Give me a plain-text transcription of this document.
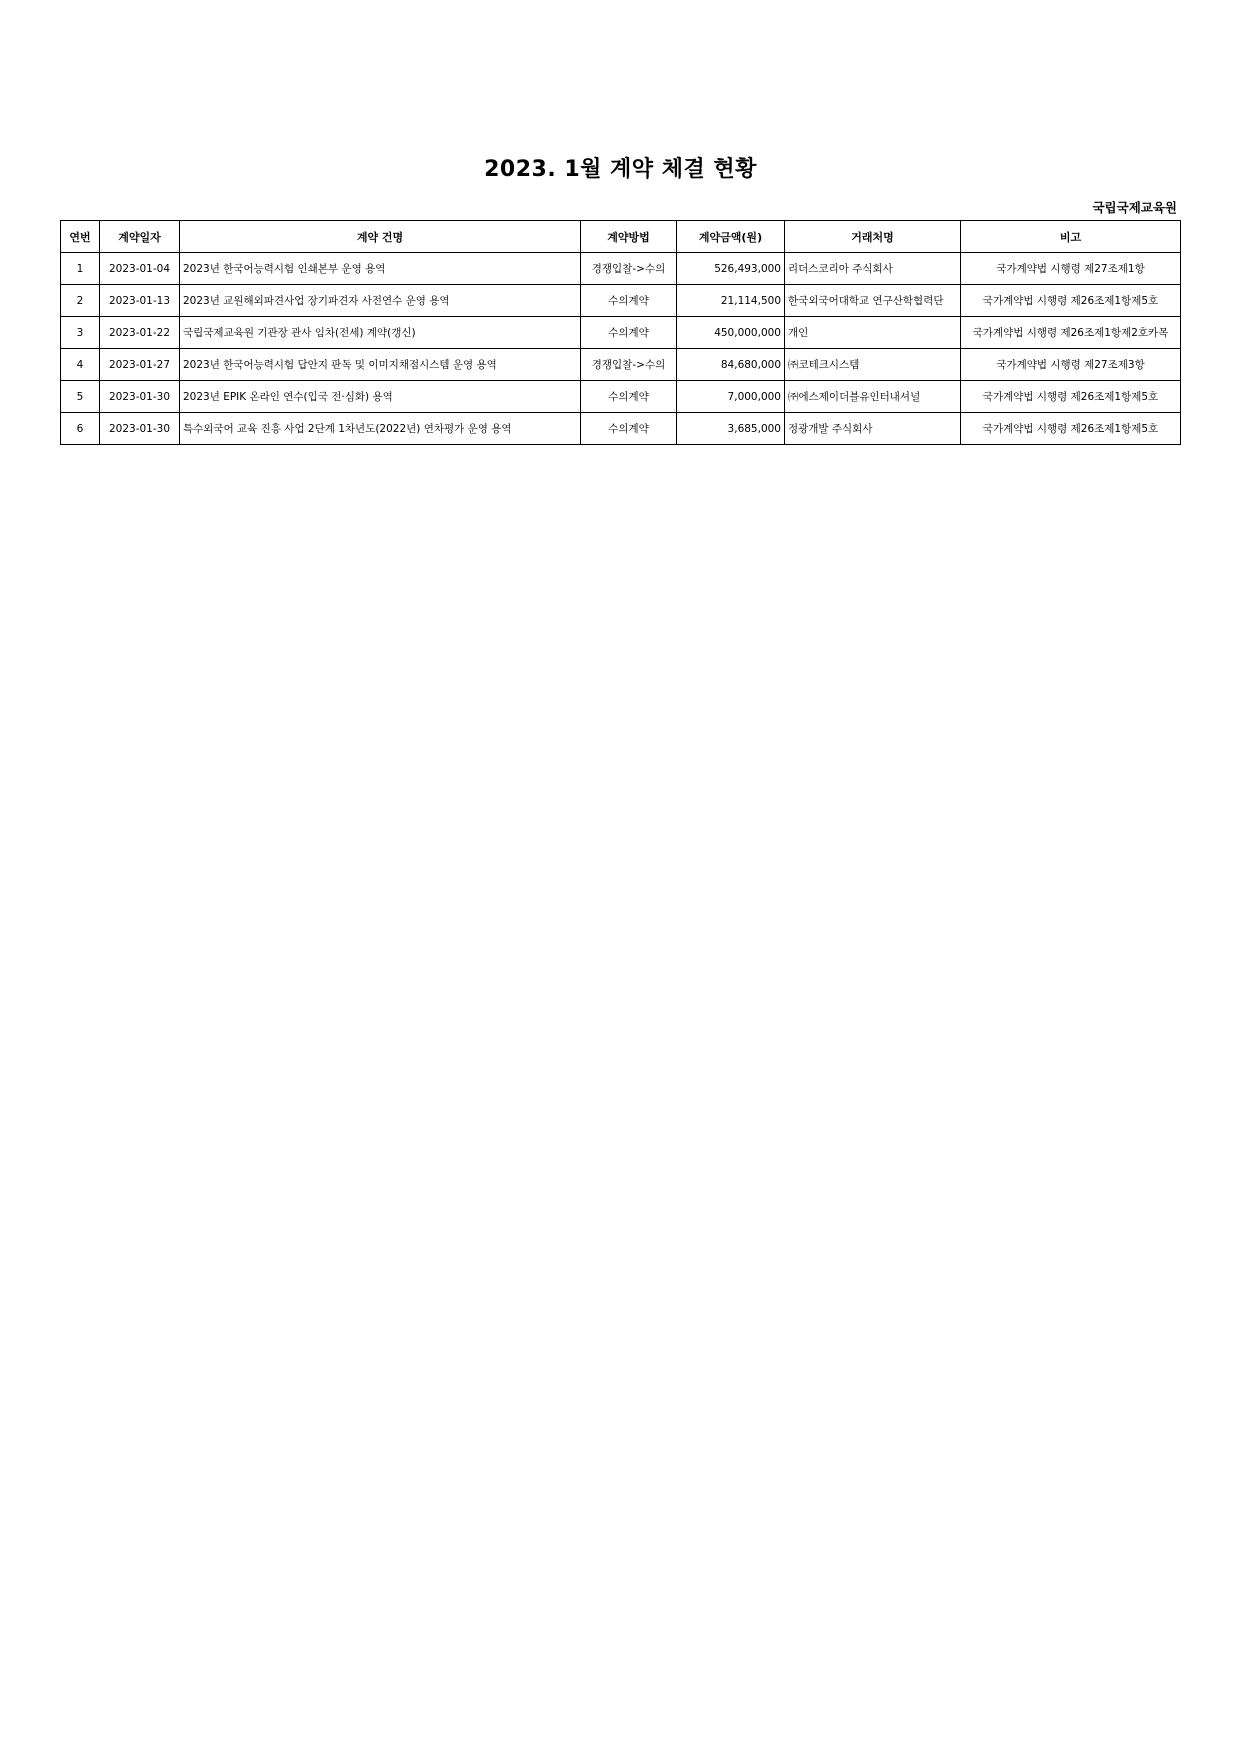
2023. 1월 계약 체결 현황
국립국제교육원
연번	계약일자	계약 건명	계약방법	계약금액(원)	거래처명	비고
1	2023-01-04	2023년 한국어능력시험 인쇄본부 운영 용역	경쟁입찰->수의	526,493,000	리더스코리아 주식회사	국가계약법 시행령 제27조제1항
2	2023-01-13	2023년 교원해외파견사업 장기파견자 사전연수 운영 용역	수의계약	21,114,500	한국외국어대학교 연구산학협력단	국가계약법 시행령 제26조제1항제5호
3	2023-01-22	국립국제교육원 기관장 관사 임차(전세) 계약(갱신)	수의계약	450,000,000	개인	국가계약법 시행령 제26조제1항제2호카목
4	2023-01-27	2023년 한국어능력시험 답안지 판독 및 이미지채점시스템 운영 용역	경쟁입찰->수의	84,680,000	㈜코테크시스템	국가계약법 시행령 제27조제3항
5	2023-01-30	2023년 EPIK 온라인 연수(입국 전·심화) 용역	수의계약	7,000,000	㈜에스제이더블유인터내셔널	국가계약법 시행령 제26조제1항제5호
6	2023-01-30	특수외국어 교육 진흥 사업 2단계 1차년도(2022년) 연차평가 운영 용역	수의계약	3,685,000	정광개발 주식회사	국가계약법 시행령 제26조제1항제5호
